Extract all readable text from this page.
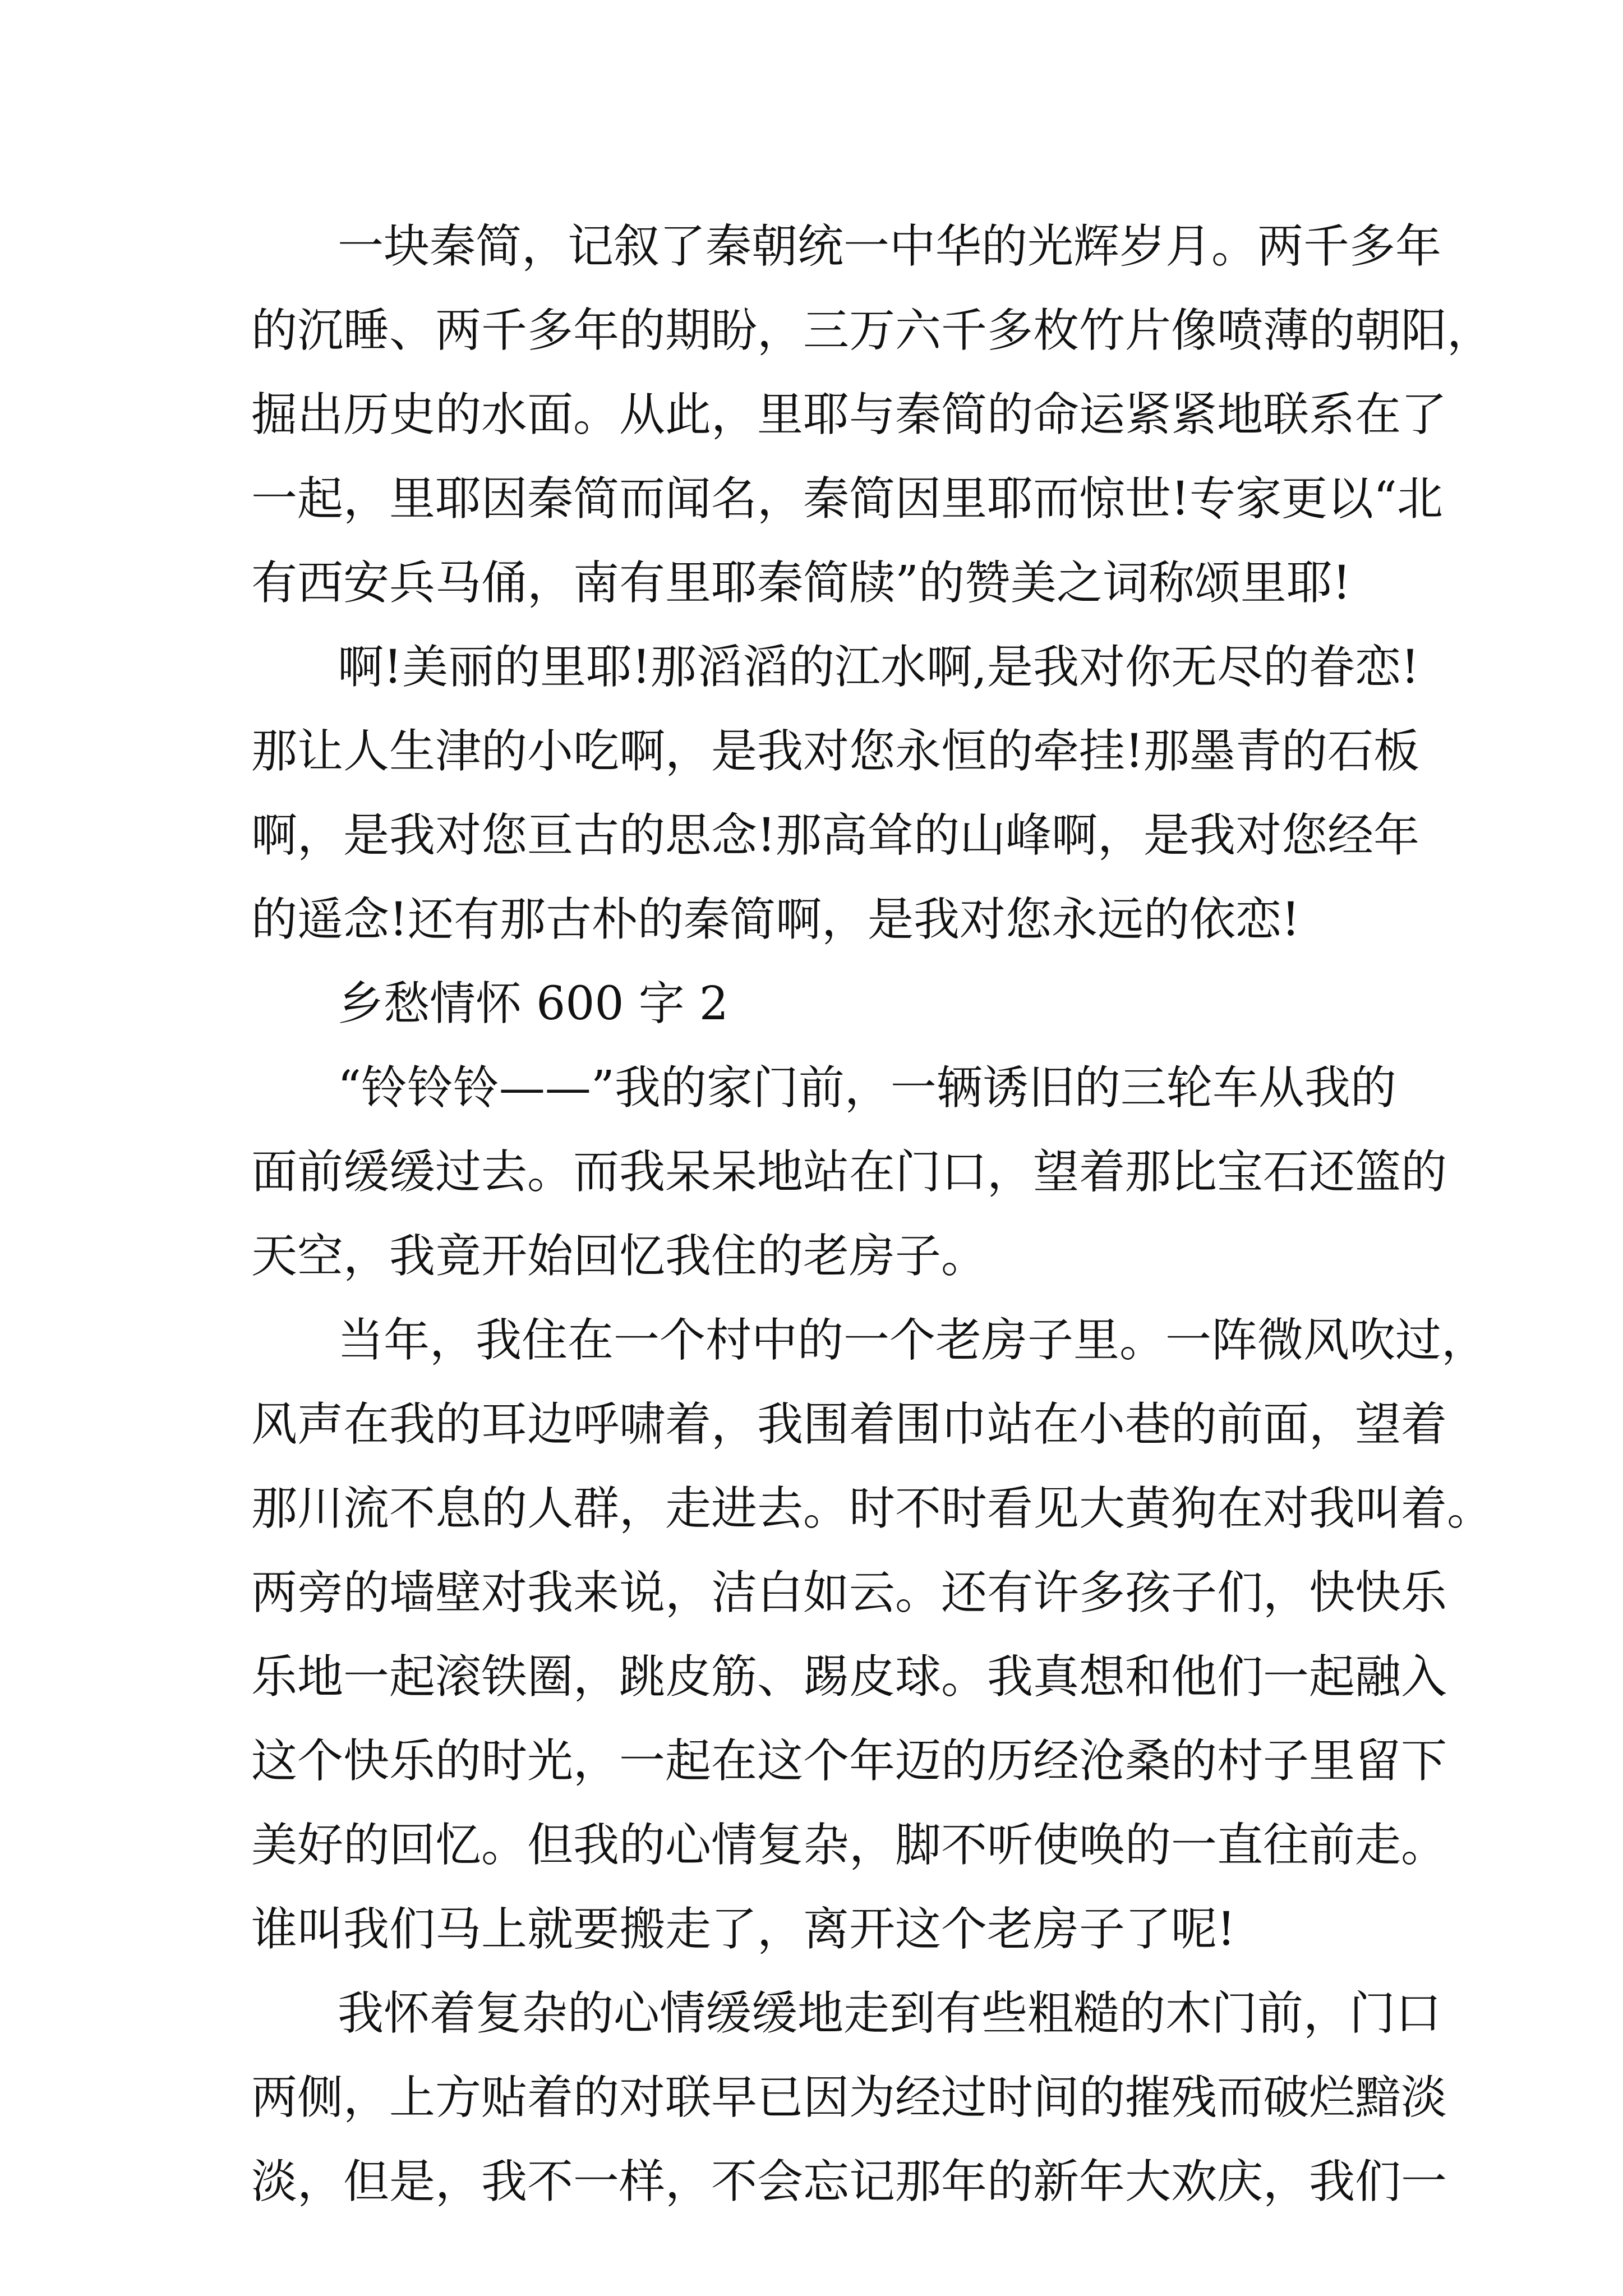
一块秦简，记叙了秦朝统一中华的光辉岁月。两千多年
的沉睡、两千多年的期盼，三万六千多枚竹片像喷薄的朝阳，
掘出历史的水面。从此，里耶与秦简的命运紧紧地联系在了
一起，里耶因秦简而闻名，秦简因里耶而惊世!专家更以“北
有西安兵马俑，南有里耶秦简牍”的赞美之词称颂里耶!
啊!美丽的里耶!那滔滔的江水啊,是我对你无尽的眷恋!
那让人生津的小吃啊，是我对您永恒的牵挂!那墨青的石板
啊，是我对您亘古的思念!那高耸的山峰啊，是我对您经年
的遥念!还有那古朴的秦简啊，是我对您永远的依恋!
乡愁情怀 600 字 2
“铃铃铃——”我的家门前，一辆诱旧的三轮车从我的
面前缓缓过去。而我呆呆地站在门口，望着那比宝石还篮的
天空，我竟开始回忆我住的老房子。
当年，我住在一个村中的一个老房子里。一阵微风吹过，
风声在我的耳边呼啸着，我围着围巾站在小巷的前面，望着
那川流不息的人群，走进去。时不时看见大黄狗在对我叫着。
两旁的墙壁对我来说，洁白如云。还有许多孩子们，快快乐
乐地一起滚铁圈，跳皮筋、踢皮球。我真想和他们一起融入
这个快乐的时光，一起在这个年迈的历经沧桑的村子里留下
美好的回忆。但我的心情复杂，脚不听使唤的一直往前走。
谁叫我们马上就要搬走了，离开这个老房子了呢!
我怀着复杂的心情缓缓地走到有些粗糙的木门前，门口
两侧，上方贴着的对联早已因为经过时间的摧残而破烂黯淡
淡，但是，我不一样，不会忘记那年的新年大欢庆，我们一
